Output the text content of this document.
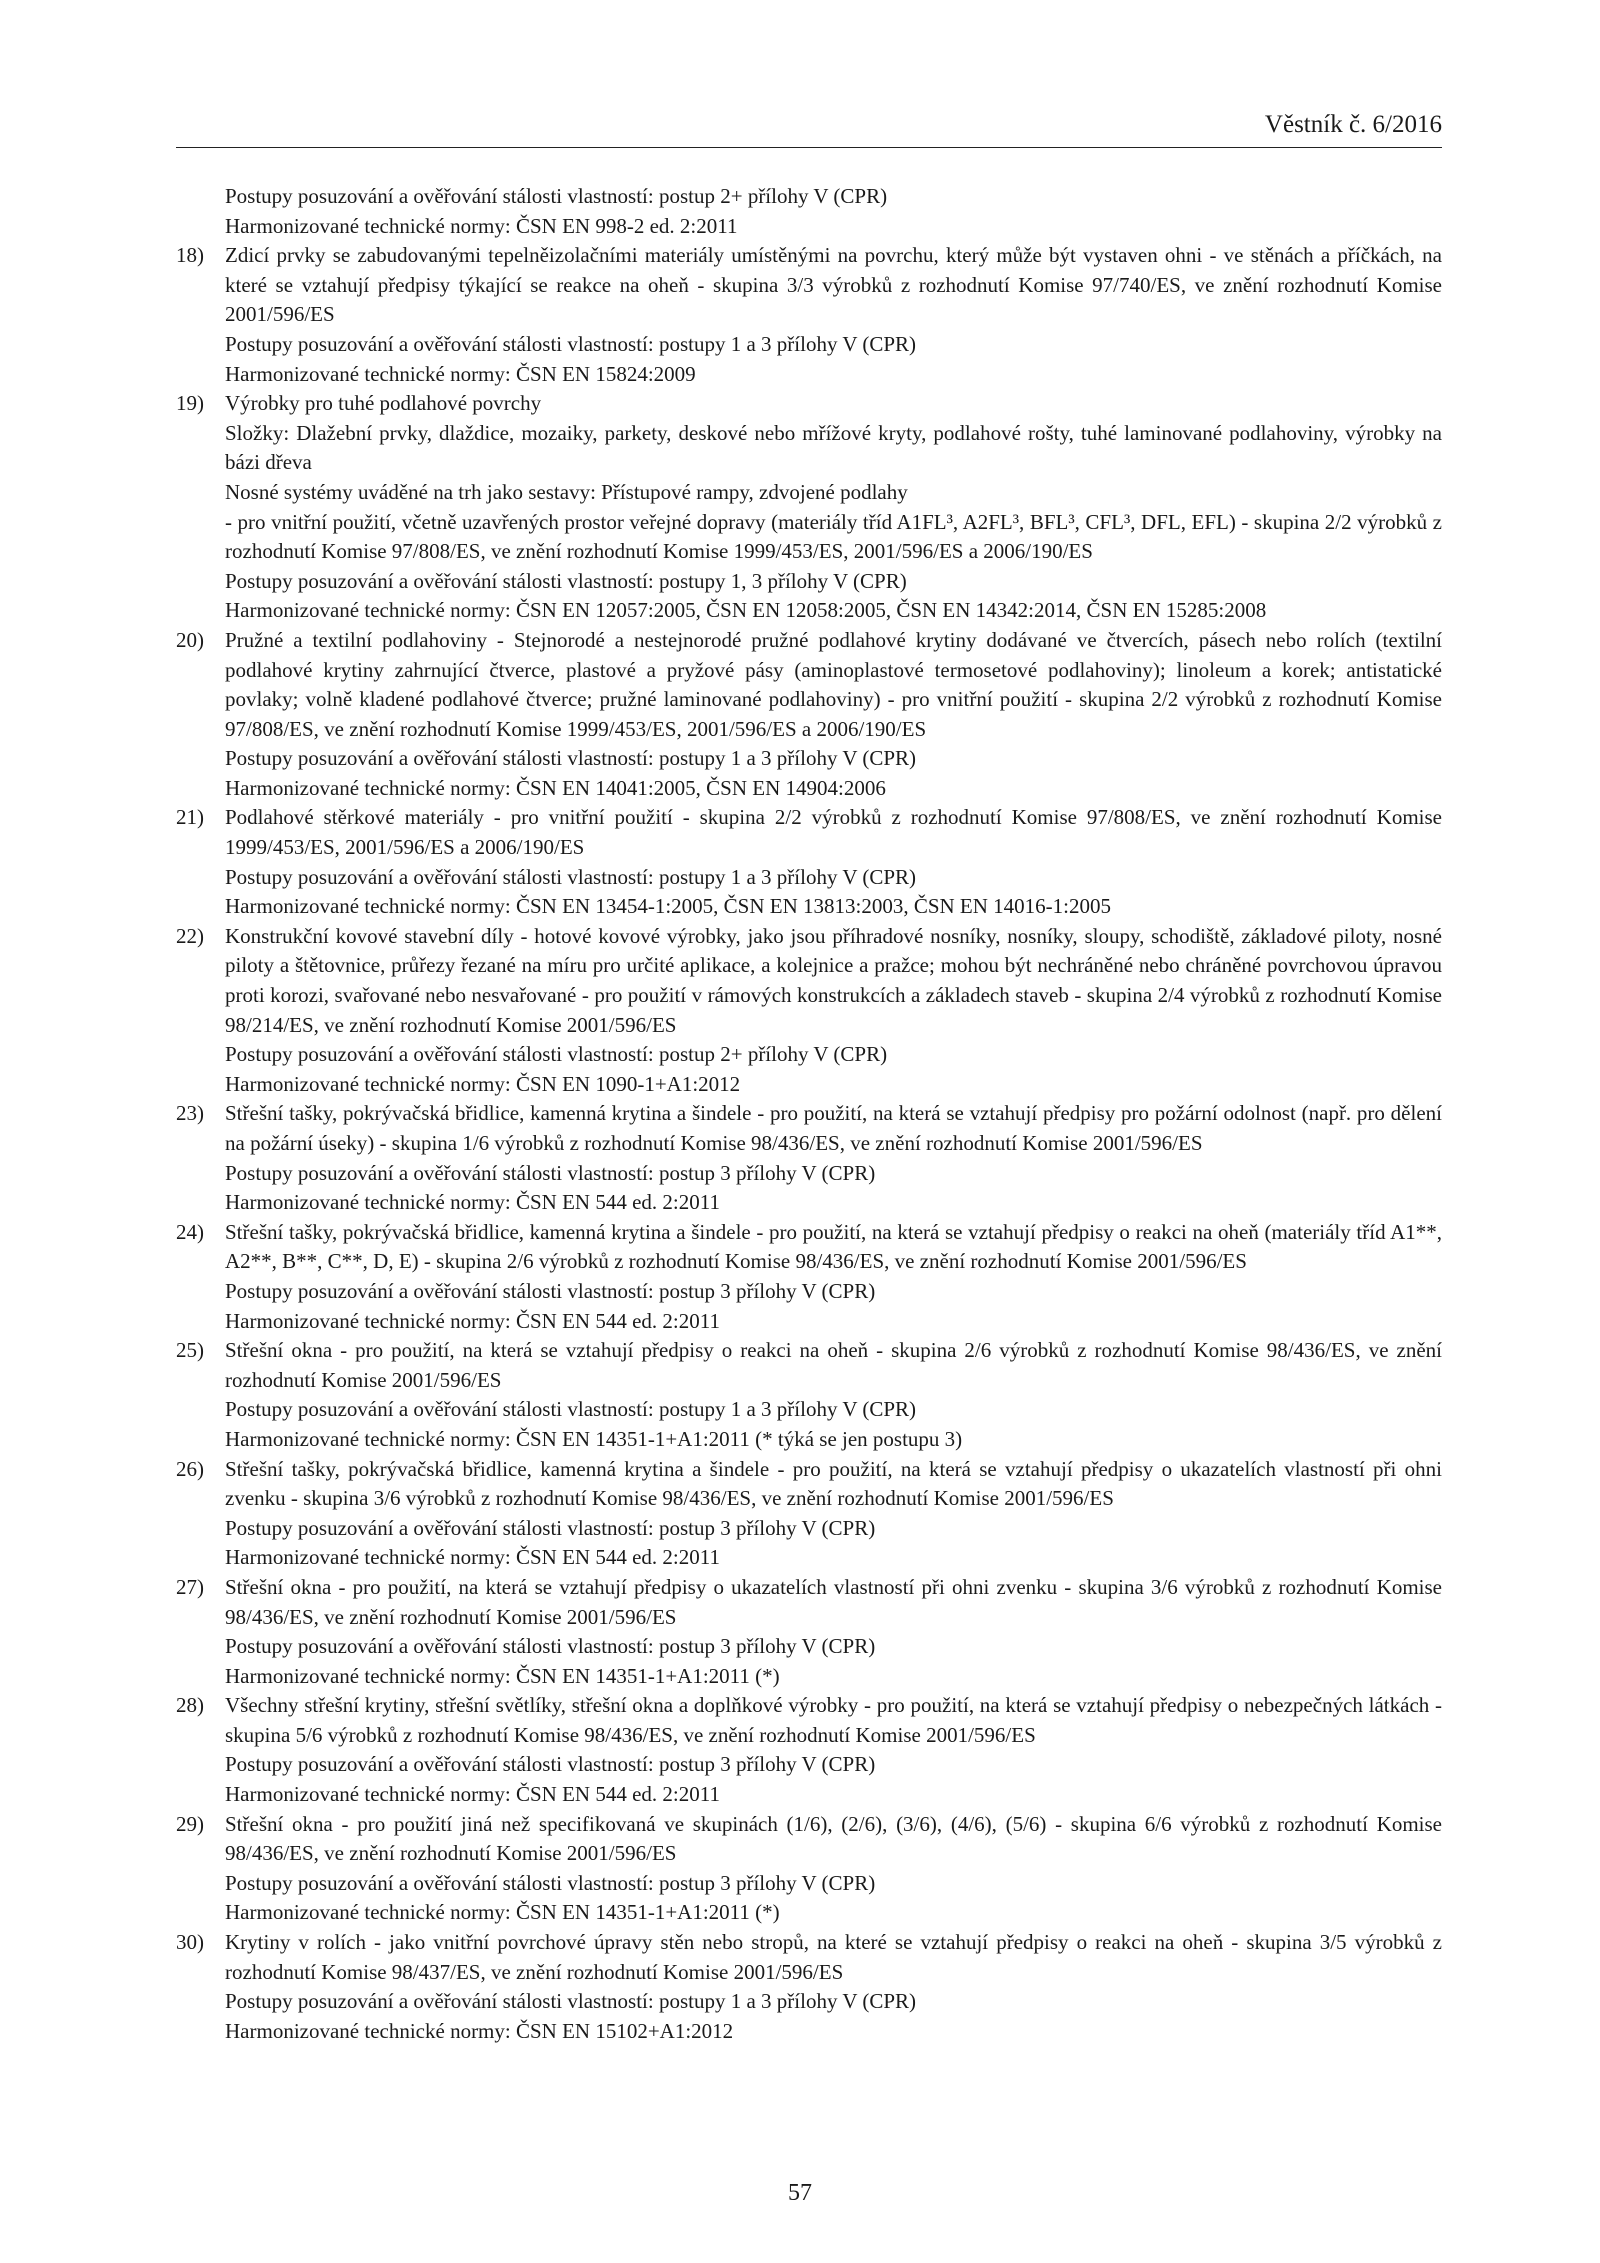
Věstník č. 6/2016
Postupy posuzování a ověřování stálosti vlastností: postup 2+ přílohy V (CPR)
Harmonizované technické normy: ČSN EN 998-2 ed. 2:2011
18)	Zdicí prvky se zabudovanými tepelněizolačními materiály umístěnými na povrchu, který může být vystaven ohni - ve stěnách a příčkách, na které se vztahují předpisy týkající se reakce na oheň - skupina 3/3 výrobků z rozhodnutí Komise 97/740/ES, ve znění rozhodnutí Komise 2001/596/ES
Postupy posuzování a ověřování stálosti vlastností: postupy 1 a 3 přílohy V (CPR)
Harmonizované technické normy: ČSN EN 15824:2009
19)	Výrobky pro tuhé podlahové povrchy
Složky: Dlažební prvky, dlaždice, mozaiky, parkety, deskové nebo mřížové kryty, podlahové rošty, tuhé laminované podlahoviny, výrobky na bázi dřeva
Nosné systémy uváděné na trh jako sestavy: Přístupové rampy, zdvojené podlahy
- pro vnitřní použití, včetně uzavřených prostor veřejné dopravy (materiály tříd A1FL³, A2FL³, BFL³, CFL³, DFL, EFL) - skupina 2/2 výrobků z rozhodnutí Komise 97/808/ES, ve znění rozhodnutí Komise 1999/453/ES, 2001/596/ES a 2006/190/ES
Postupy posuzování a ověřování stálosti vlastností: postupy 1, 3 přílohy V (CPR)
Harmonizované technické normy: ČSN EN 12057:2005, ČSN EN 12058:2005, ČSN EN 14342:2014, ČSN EN 15285:2008
20)	Pružné a textilní podlahoviny - Stejnorodé a nestejnorodé pružné podlahové krytiny dodávané ve čtvercích, pásech nebo rolích (textilní podlahové krytiny zahrnující čtverce, plastové a pryžové pásy (aminoplastové termosetové podlahoviny); linoleum a korek; antistatické povlaky; volně kladené podlahové čtverce; pružné laminované podlahoviny) - pro vnitřní použití - skupina 2/2 výrobků z rozhodnutí Komise 97/808/ES, ve znění rozhodnutí Komise 1999/453/ES, 2001/596/ES a 2006/190/ES
Postupy posuzování a ověřování stálosti vlastností: postupy 1 a 3 přílohy V (CPR)
Harmonizované technické normy: ČSN EN 14041:2005, ČSN EN 14904:2006
21)	Podlahové stěrkové materiály - pro vnitřní použití - skupina 2/2 výrobků z rozhodnutí Komise 97/808/ES, ve znění rozhodnutí Komise 1999/453/ES, 2001/596/ES a 2006/190/ES
Postupy posuzování a ověřování stálosti vlastností: postupy 1 a 3 přílohy V (CPR)
Harmonizované technické normy: ČSN EN 13454-1:2005, ČSN EN 13813:2003, ČSN EN 14016-1:2005
22)	Konstrukční kovové stavební díly - hotové kovové výrobky, jako jsou příhradové nosníky, nosníky, sloupy, schodiště, základové piloty, nosné piloty a štětovnice, průřezy řezané na míru pro určité aplikace, a kolejnice a pražce; mohou být nechráněné nebo chráněné povrchovou úpravou proti korozi, svařované nebo nesvařované - pro použití v rámových konstrukcích a základech staveb - skupina 2/4 výrobků z rozhodnutí Komise 98/214/ES, ve znění rozhodnutí Komise 2001/596/ES
Postupy posuzování a ověřování stálosti vlastností: postup 2+ přílohy V (CPR)
Harmonizované technické normy: ČSN EN 1090-1+A1:2012
23)	Střešní tašky, pokrývačská břidlice, kamenná krytina a šindele - pro použití, na která se vztahují předpisy pro požární odolnost (např. pro dělení na požární úseky) - skupina 1/6 výrobků z rozhodnutí Komise 98/436/ES, ve znění rozhodnutí Komise 2001/596/ES
Postupy posuzování a ověřování stálosti vlastností: postup 3 přílohy V (CPR)
Harmonizované technické normy: ČSN EN 544 ed. 2:2011
24)	Střešní tašky, pokrývačská břidlice, kamenná krytina a šindele - pro použití, na která se vztahují předpisy o reakci na oheň (materiály tříd A1**, A2**, B**, C**, D, E) - skupina 2/6 výrobků z rozhodnutí Komise 98/436/ES, ve znění rozhodnutí Komise 2001/596/ES
Postupy posuzování a ověřování stálosti vlastností: postup 3 přílohy V (CPR)
Harmonizované technické normy: ČSN EN 544 ed. 2:2011
25)	Střešní okna - pro použití, na která se vztahují předpisy o reakci na oheň - skupina 2/6 výrobků z rozhodnutí Komise 98/436/ES, ve znění rozhodnutí Komise 2001/596/ES
Postupy posuzování a ověřování stálosti vlastností: postupy 1 a 3 přílohy V (CPR)
Harmonizované technické normy: ČSN EN 14351-1+A1:2011 (* týká se jen postupu 3)
26)	Střešní tašky, pokrývačská břidlice, kamenná krytina a šindele - pro použití, na která se vztahují předpisy o ukazatelích vlastností při ohni zvenku - skupina 3/6 výrobků z rozhodnutí Komise 98/436/ES, ve znění rozhodnutí Komise 2001/596/ES
Postupy posuzování a ověřování stálosti vlastností: postup 3 přílohy V (CPR)
Harmonizované technické normy: ČSN EN 544 ed. 2:2011
27)	Střešní okna - pro použití, na která se vztahují předpisy o ukazatelích vlastností při ohni zvenku - skupina 3/6 výrobků z rozhodnutí Komise 98/436/ES, ve znění rozhodnutí Komise 2001/596/ES
Postupy posuzování a ověřování stálosti vlastností: postup 3 přílohy V (CPR)
Harmonizované technické normy: ČSN EN 14351-1+A1:2011 (*)
28)	Všechny střešní krytiny, střešní světlíky, střešní okna a doplňkové výrobky - pro použití, na která se vztahují předpisy o nebezpečných látkách - skupina 5/6 výrobků z rozhodnutí Komise 98/436/ES, ve znění rozhodnutí Komise 2001/596/ES
Postupy posuzování a ověřování stálosti vlastností: postup 3 přílohy V (CPR)
Harmonizované technické normy: ČSN EN 544 ed. 2:2011
29)	Střešní okna - pro použití jiná než specifikovaná ve skupinách (1/6), (2/6), (3/6), (4/6), (5/6) - skupina 6/6 výrobků z rozhodnutí Komise 98/436/ES, ve znění rozhodnutí Komise 2001/596/ES
Postupy posuzování a ověřování stálosti vlastností: postup 3 přílohy V (CPR)
Harmonizované technické normy: ČSN EN 14351-1+A1:2011 (*)
30)	Krytiny v rolích - jako vnitřní povrchové úpravy stěn nebo stropů, na které se vztahují předpisy o reakci na oheň - skupina 3/5 výrobků z rozhodnutí Komise 98/437/ES, ve znění rozhodnutí Komise 2001/596/ES
Postupy posuzování a ověřování stálosti vlastností: postupy 1 a 3 přílohy V (CPR)
Harmonizované technické normy: ČSN EN 15102+A1:2012
57
